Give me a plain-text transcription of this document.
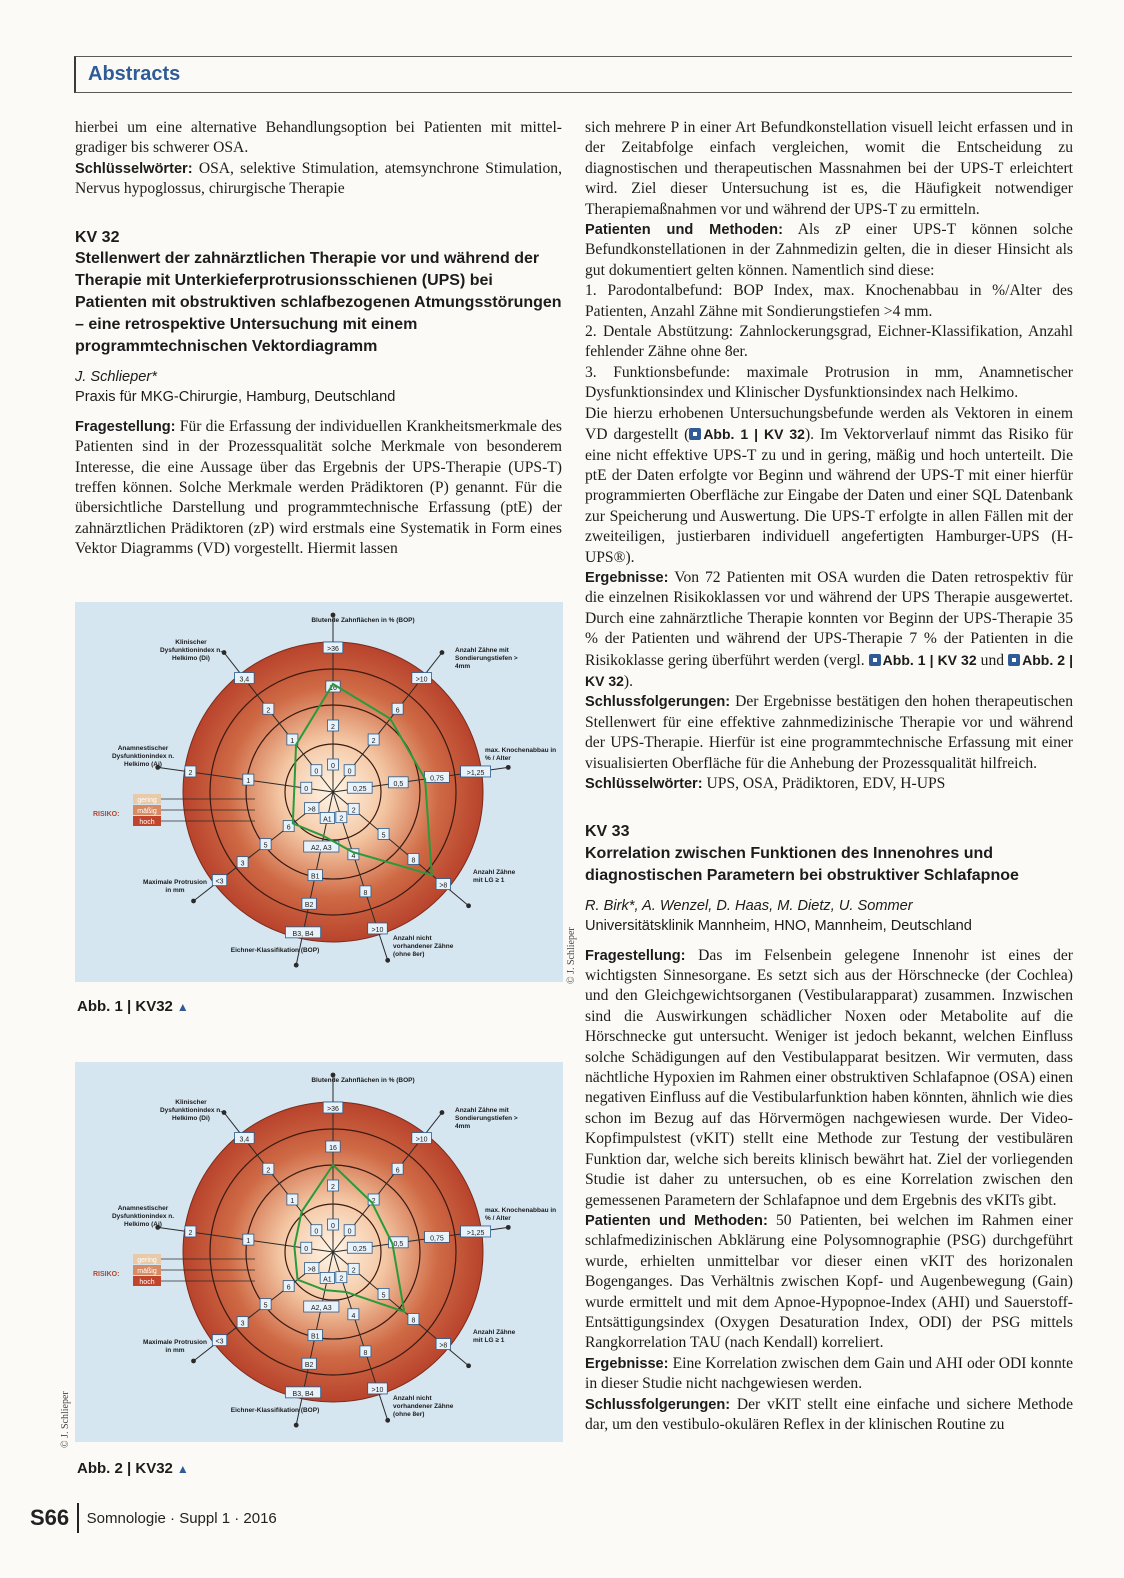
Abstracts

hierbei um eine alternative Behandlungsoption bei Patienten mit mittelgradiger bis schwerer OSA.

Schlüsselwörter: OSA, selektive Stimulation, atemsynchrone Stimulation, Nervus hypoglossus, chirurgische Therapie

KV 32
Stellenwert der zahnärztlichen Therapie vor und während der Therapie mit Unterkieferprotrusionsschienen (UPS) bei Patienten mit obstruktiven schlafbezogenen Atmungsstörungen – eine retrospektive Untersuchung mit einem programmtechnischen Vektordiagramm
J. Schlieper*
Praxis für MKG-Chirurgie, Hamburg, Deutschland

Fragestellung: Für die Erfassung der individuellen Krankheitsmerkmale des Patienten sind in der Prozessqualität solche Merkmale von besonderem Interesse, die eine Aussage über das Ergebnis der UPS-Therapie (UPS-T) treffen können. Solche Merkmale werden Prädiktoren (P) genannt. Für die übersichtliche Darstellung und programmtechnische Erfassung (ptE) der zahnärztlichen Prädiktoren (zP) wird erstmals eine Systematik in Form eines Vektor Diagramms (VD) vorgestellt. Hiermit lassen

0
2
16
>36
Blutende Zahnflächen in % (BOP)
0
2
6
>10
Anzahl Zähne mit
Sondierungstiefen >
4mm
0,25
0,5
0,75
>1,25
max. Knochenabbau in
% / Alter
2
5
8
>8
Anzahl Zähne
mit LG ≥ 1
2
4
8
>10
Anzahl nicht
vorhandener Zähne
(ohne 8er)
A1
A2, A3
B1
B2
B3, B4
Eichner-Klassifikation (BOP)
>8
6
5
3
<3
Maximale Protrusion
in mm
0
1
2
Anamnestischer
Dysfunktionindex n.
Helkimo (Ai)
0
1
2
3,4
Klinischer
Dysfunktionindex n.
Helkimo (Di)
RISIKO:
gering
mäßig
hoch
Abb. 1 | KV32 ▲
0
2
16
>36
Blutende Zahnflächen in % (BOP)
0
2
6
>10
Anzahl Zähne mit
Sondierungstiefen >
4mm
0,25
0,5
0,75
>1,25
max. Knochenabbau in
% / Alter
2
5
8
>8
Anzahl Zähne
mit LG ≥ 1
2
4
8
>10
Anzahl nicht
vorhandener Zähne
(ohne 8er)
A1
A2, A3
B1
B2
B3, B4
Eichner-Klassifikation (BOP)
>8
6
5
3
<3
Maximale Protrusion
in mm
0
1
2
Anamnestischer
Dysfunktionindex n.
Helkimo (Ai)
0
1
2
3,4
Klinischer
Dysfunktionindex n.
Helkimo (Di)
RISIKO:
gering
mäßig
hoch
Abb. 2 | KV32 ▲
© J. Schlieper
© J. Schlieper

sich mehrere P in einer Art Befundkonstellation visuell leicht erfassen und in der Zeitabfolge einfach vergleichen, womit die Entscheidung zu diagnostischen und therapeutischen Massnahmen bei der UPS-T erleichtert wird. Ziel dieser Untersuchung ist es, die Häufigkeit notwendiger Therapiemaßnahmen vor und während der UPS-T zu ermitteln.

Patienten und Methoden: Als zP einer UPS-T können solche Befundkonstellationen in der Zahnmedizin gelten, die in dieser Hinsicht als gut dokumentiert gelten können. Namentlich sind diese:

1. Parodontalbefund: BOP Index, max. Knochenabbau in %/Alter des Patienten, Anzahl Zähne mit Sondierungstiefen >4 mm.

2. Dentale Abstützung: Zahnlockerungsgrad, Eichner-Klassifikation, Anzahl fehlender Zähne ohne 8er.

3. Funktionsbefunde: maximale Protrusion in mm, Anamnetischer Dysfunktionsindex und Klinischer Dysfunktionsindex nach Helkimo.

Die hierzu erhobenen Untersuchungsbefunde werden als Vektoren in einem VD dargestellt ( Abb. 1 | KV 32). Im Vektorverlauf nimmt das Risiko für eine nicht effektive UPS-T zu und in gering, mäßig und hoch unterteilt. Die ptE der Daten erfolgte vor Beginn und während der UPS-T mit einer hierfür programmierten Oberfläche zur Eingabe der Daten und einer SQL Datenbank zur Speicherung und Auswertung. Die UPS-T erfolgte in allen Fällen mit der zweiteiligen, justierbaren individuell angefertigten Hamburger-UPS (H-UPS®).

Ergebnisse: Von 72 Patienten mit OSA wurden die Daten retrospektiv für die einzelnen Risikoklassen vor und während der UPS Therapie ausgewertet. Durch eine zahnärztliche Therapie konnten vor Beginn der UPS-Therapie 35 % der Patienten und während der UPS-Therapie 7 % der Patienten in die Risikoklasse gering überführt werden (vergl. Abb. 1 | KV 32 und Abb. 2 | KV 32).

Schlussfolgerungen: Der Ergebnisse bestätigen den hohen therapeutischen Stellenwert für eine effektive zahnmedizinische Therapie vor und während der UPS-Therapie. Hierfür ist eine programmtechnische Erfassung mit einer visualisierten Oberfläche für die Anhebung der Prozessqualität hilfreich.

Schlüsselwörter: UPS, OSA, Prädiktoren, EDV, H-UPS

KV 33
Korrelation zwischen Funktionen des Innenohres und diagnostischen Parametern bei obstruktiver Schlafapnoe
R. Birk*, A. Wenzel, D. Haas, M. Dietz, U. Sommer
Universitätsklinik Mannheim, HNO, Mannheim, Deutschland

Fragestellung: Das im Felsenbein gelegene Innenohr ist eines der wichtigsten Sinnesorgane. Es setzt sich aus der Hörschnecke (der Cochlea) und den Gleichgewichtsorganen (Vestibularapparat) zusammen. Inzwischen sind die Auswirkungen schädlicher Noxen oder Metabolite auf die Hörschnecke gut untersucht. Weniger ist jedoch bekannt, welchen Einfluss solche Schädigungen auf den Vestibulapparat besitzen. Wir vermuten, dass nächtliche Hypoxien im Rahmen einer obstruktiven Schlafapnoe (OSA) einen negativen Einfluss auf die Vestibularfunktion haben könnten, ähnlich wie dies schon im Bezug auf das Hörvermögen nachgewiesen wurde. Der Video-Kopfimpulstest (vKIT) stellt eine Methode zur Testung der vestibulären Funktion dar, welche sich bereits klinisch bewährt hat. Ziel der vorliegenden Studie ist daher zu untersuchen, ob es eine Korrelation zwischen den gemessenen Parametern der Schlafapnoe und dem Ergebnis des vKITs gibt.

Patienten und Methoden: 50 Patienten, bei welchen im Rahmen einer schlafmedizinischen Abklärung eine Polysomnographie (PSG) durchgeführt wurde, erhielten unmittelbar vor dieser einen vKIT des horizonalen Bogenganges. Das Verhältnis zwischen Kopf- und Augenbewegung (Gain) wurde ermittelt und mit dem Apnoe-Hypopnoe-Index (AHI) und Sauerstoff-Entsättigungsindex (Oxygen Desaturation Index, ODI) der PSG mittels Rangkorrelation TAU (nach Kendall) korreliert.

Ergebnisse: Eine Korrelation zwischen dem Gain und AHI oder ODI konnte in dieser Studie nicht nachgewiesen werden.

Schlussfolgerungen: Der vKIT stellt eine einfache und sichere Methode dar, um den vestibulo-okulären Reflex in der klinischen Routine zu

S66 Somnologie · Suppl 1 · 2016
